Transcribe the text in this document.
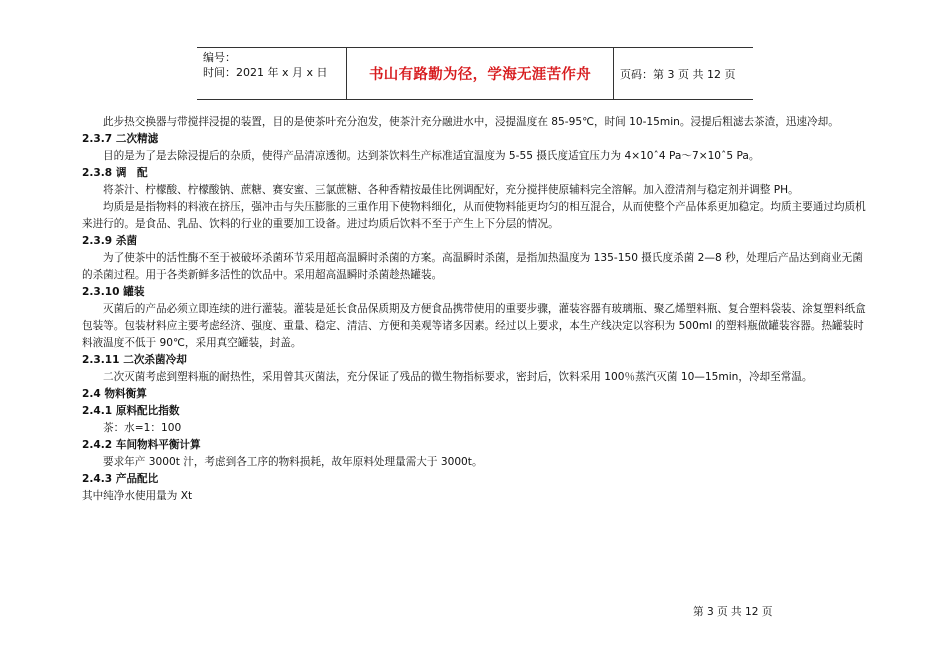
编号：
时间：2021 年 x 月 x 日	书山有路勤为径，学海无涯苦作舟	页码：第 3 页 共 12 页

此步热交换器与带搅拌浸提的装置，目的是使茶叶充分泡发，使茶汁充分融进水中，浸提温度在 85-95℃，时间 10-15min。浸提后粗滤去茶渣，迅速冷却。

2.3.7 二次精滤

目的是为了是去除浸提后的杂质，使得产品清凉透彻。达到茶饮料生产标准适宜温度为 5-55 摄氏度适宜压力为 4×10ˆ4 Pa～7×10ˆ5 Pa。

2.3.8 调　配

将茶汁、柠檬酸、柠檬酸钠、蔗糖、赛安蜜、三氯蔗糖、各种香精按最佳比例调配好，充分搅拌使原辅料完全溶解。加入澄清剂与稳定剂并调整 PH。

均质是是指物料的料液在挤压，强冲击与失压膨胀的三重作用下使物料细化，从而使物料能更均匀的相互混合，从而使整个产品体系更加稳定。均质主要通过均质机来进行的。是食品、乳品、饮料的行业的重要加工设备。进过均质后饮料不至于产生上下分层的情况。

2.3.9 杀菌

为了使茶中的活性酶不至于被破坏杀菌环节采用超高温瞬时杀菌的方案。高温瞬时杀菌，是指加热温度为 135-150 摄氏度杀菌 2—8 秒，处理后产品达到商业无菌的杀菌过程。用于各类新鲜多活性的饮品中。采用超高温瞬时杀菌趁热罐装。

2.3.10 罐装

灭菌后的产品必须立即连续的进行灌装。灌装是延长食品保质期及方便食品携带使用的重要步骤，灌装容器有玻璃瓶、聚乙烯塑料瓶、复合塑料袋装、涂复塑料纸盒包装等。包装材料应主要考虑经济、强度、重量、稳定、清洁、方便和美观等诸多因素。经过以上要求，本生产线决定以容积为 500ml 的塑料瓶做罐装容器。热罐装时料液温度不低于 90℃，采用真空罐装，封盖。

2.3.11 二次杀菌冷却

二次灭菌考虑到塑料瓶的耐热性，采用曾其灭菌法，充分保证了残品的微生物指标要求，密封后，饮料采用 100％蒸汽灭菌 10—15min，冷却至常温。

2.4 物料衡算

2.4.1 原料配比指数

茶：水=1：100

2.4.2 车间物料平衡计算

要求年产 3000t 汁，考虑到各工序的物料损耗，故年原料处理量需大于 3000t。

2.4.3 产品配比

其中纯净水使用量为 Xt

第 3 页 共 12 页
